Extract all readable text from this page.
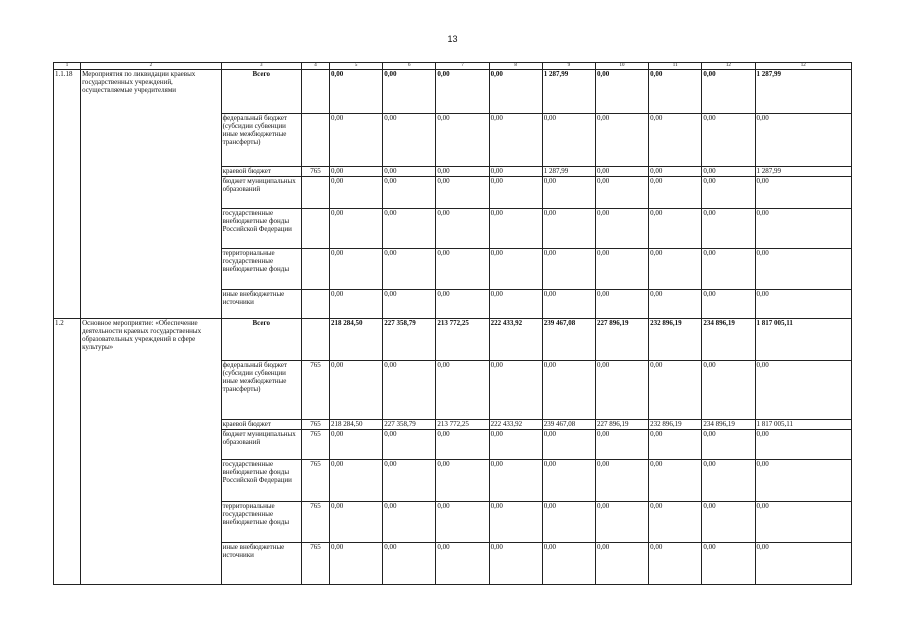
13
1	2	3	4	5	6	7	8	9	10	11	12	12
1.1.18	Мероприятия по ликвидации краевых государственных учреждений, осуществляемые учредителями	Всего		0,00	0,00	0,00	0,00	1 287,99	0,00	0,00	0,00	1 287,99
		федеральный бюджет (субсидии субвенции иные межбюджетные трансферты)		0,00	0,00	0,00	0,00	0,00	0,00	0,00	0,00	0,00
		краевой бюджет	765	0,00	0,00	0,00	0,00	1 287,99	0,00	0,00	0,00	1 287,99
		бюджет муниципальных образований		0,00	0,00	0,00	0,00	0,00	0,00	0,00	0,00	0,00
		государственные внебюджетные фонды Российской Федерации		0,00	0,00	0,00	0,00	0,00	0,00	0,00	0,00	0,00
		территориальные государственные внебюджетные фонды		0,00	0,00	0,00	0,00	0,00	0,00	0,00	0,00	0,00
		иные внебюджетные источники		0,00	0,00	0,00	0,00	0,00	0,00	0,00	0,00	0,00
1.2	Основное мероприятие: «Обеспечение деятельности краевых государственных образовательных учреждений в сфере культуры»	Всего		218 284,50	227 358,79	213 772,25	222 433,92	239 467,08	227 896,19	232 896,19	234 896,19	1 817 005,11
		федеральный бюджет (субсидии субвенции иные межбюджетные трансферты)	765	0,00	0,00	0,00	0,00	0,00	0,00	0,00	0,00	0,00
		краевой бюджет	765	218 284,50	227 358,79	213 772,25	222 433,92	239 467,08	227 896,19	232 896,19	234 896,19	1 817 005,11
		бюджет муниципальных образований	765	0,00	0,00	0,00	0,00	0,00	0,00	0,00	0,00	0,00
		государственные внебюджетные фонды Российской Федерации	765	0,00	0,00	0,00	0,00	0,00	0,00	0,00	0,00	0,00
		территориальные государственные внебюджетные фонды	765	0,00	0,00	0,00	0,00	0,00	0,00	0,00	0,00	0,00
		иные внебюджетные источники	765	0,00	0,00	0,00	0,00	0,00	0,00	0,00	0,00	0,00
